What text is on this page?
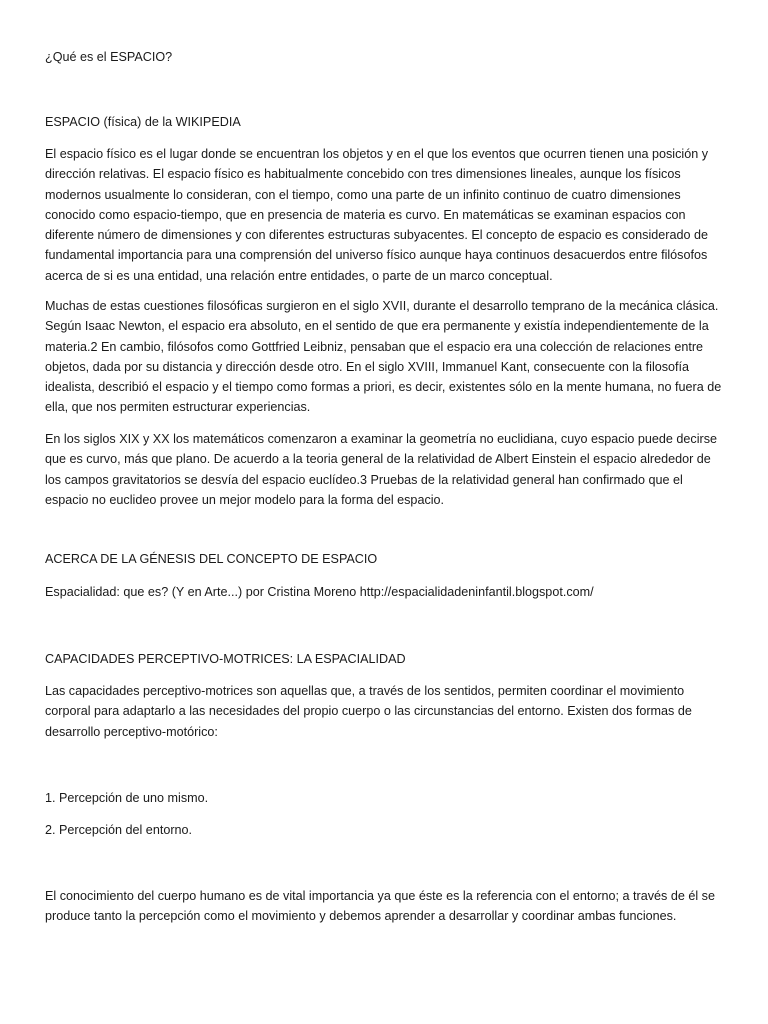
¿Qué es el ESPACIO?

ESPACIO (física) de la WIKIPEDIA

El espacio físico es el lugar donde se encuentran los objetos y en el que los eventos que ocurren tienen una posición y dirección relativas. El espacio físico es habitualmente concebido con tres dimensiones lineales, aunque los físicos modernos usualmente lo consideran, con el tiempo, como una parte de un infinito continuo de cuatro dimensiones conocido como espacio-tiempo, que en presencia de materia es curvo. En matemáticas se examinan espacios con diferente número de dimensiones y con diferentes estructuras subyacentes. El concepto de espacio es considerado de fundamental importancia para una comprensión del universo físico aunque haya continuos desacuerdos entre filósofos acerca de si es una entidad, una relación entre entidades, o parte de un marco conceptual.

Muchas de estas cuestiones filosóficas surgieron en el siglo XVII, durante el desarrollo temprano de la mecánica clásica. Según Isaac Newton, el espacio era absoluto, en el sentido de que era permanente y existía independientemente de la materia.2 En cambio, filósofos como Gottfried Leibniz, pensaban que el espacio era una colección de relaciones entre objetos, dada por su distancia y dirección desde otro. En el siglo XVIII, Immanuel Kant, consecuente con la filosofía idealista, describió el espacio y el tiempo como formas a priori, es decir, existentes sólo en la mente humana, no fuera de ella, que nos permiten estructurar experiencias.

En los siglos XIX y XX los matemáticos comenzaron a examinar la geometría no euclidiana, cuyo espacio puede decirse que es curvo, más que plano. De acuerdo a la teoria general de la relatividad de Albert Einstein el espacio alrededor de los campos gravitatorios se desvía del espacio euclídeo.3 Pruebas de la relatividad general han confirmado que el espacio no euclideo provee un mejor modelo para la forma del espacio.

ACERCA DE LA GÉNESIS DEL CONCEPTO DE ESPACIO

Espacialidad: que es? (Y en Arte...) por Cristina Moreno http://espacialidadeninfantil.blogspot.com/

CAPACIDADES PERCEPTIVO-MOTRICES: LA ESPACIALIDAD

Las capacidades perceptivo-motrices son aquellas que, a través de los sentidos, permiten coordinar el movimiento corporal para adaptarlo a las necesidades del propio cuerpo o las circunstancias del entorno. Existen dos formas de desarrollo perceptivo-motórico:

1. Percepción de uno mismo.

2. Percepción del entorno.

El conocimiento del cuerpo humano es de vital importancia ya que éste es la referencia con el entorno; a través de él se produce tanto la percepción como el movimiento y debemos aprender a desarrollar y coordinar ambas funciones.
